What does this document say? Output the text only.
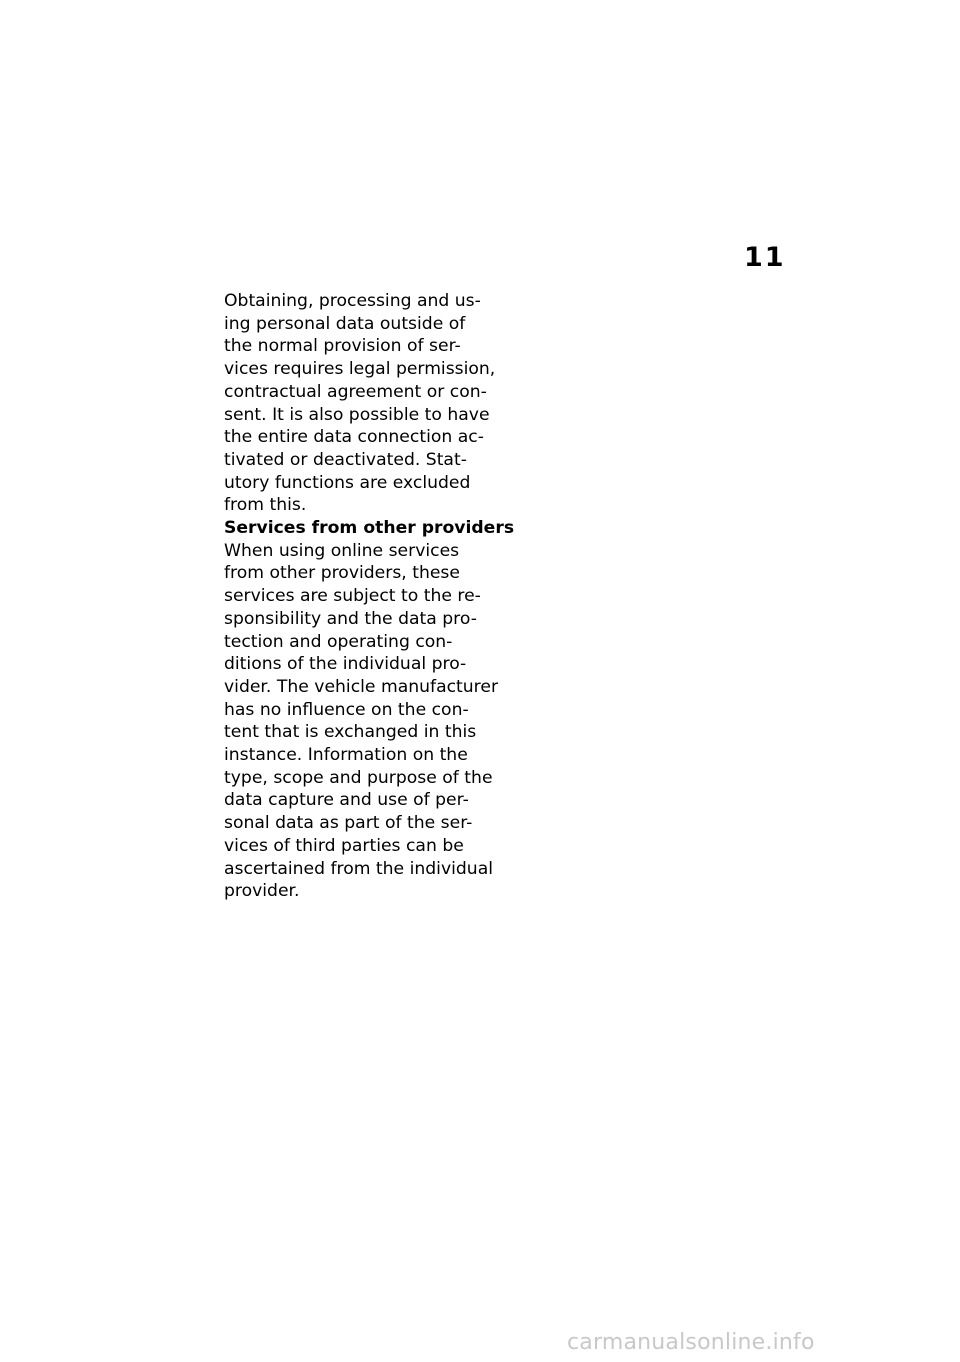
11
Obtaining, processing and us-
ing personal data outside of
the normal provision of ser-
vices requires legal permission,
contractual agreement or con-
sent. It is also possible to have
the entire data connection ac-
tivated or deactivated. Stat-
utory functions are excluded
from this.
Services from other providers
When using online services
from other providers, these
services are subject to the re-
sponsibility and the data pro-
tection and operating con-
ditions of the individual pro-
vider. The vehicle manufacturer
has no influence on the con-
tent that is exchanged in this
instance. Information on the
type, scope and purpose of the
data capture and use of per-
sonal data as part of the ser-
vices of third parties can be
ascertained from the individual
provider.
carmanualsonline.info
